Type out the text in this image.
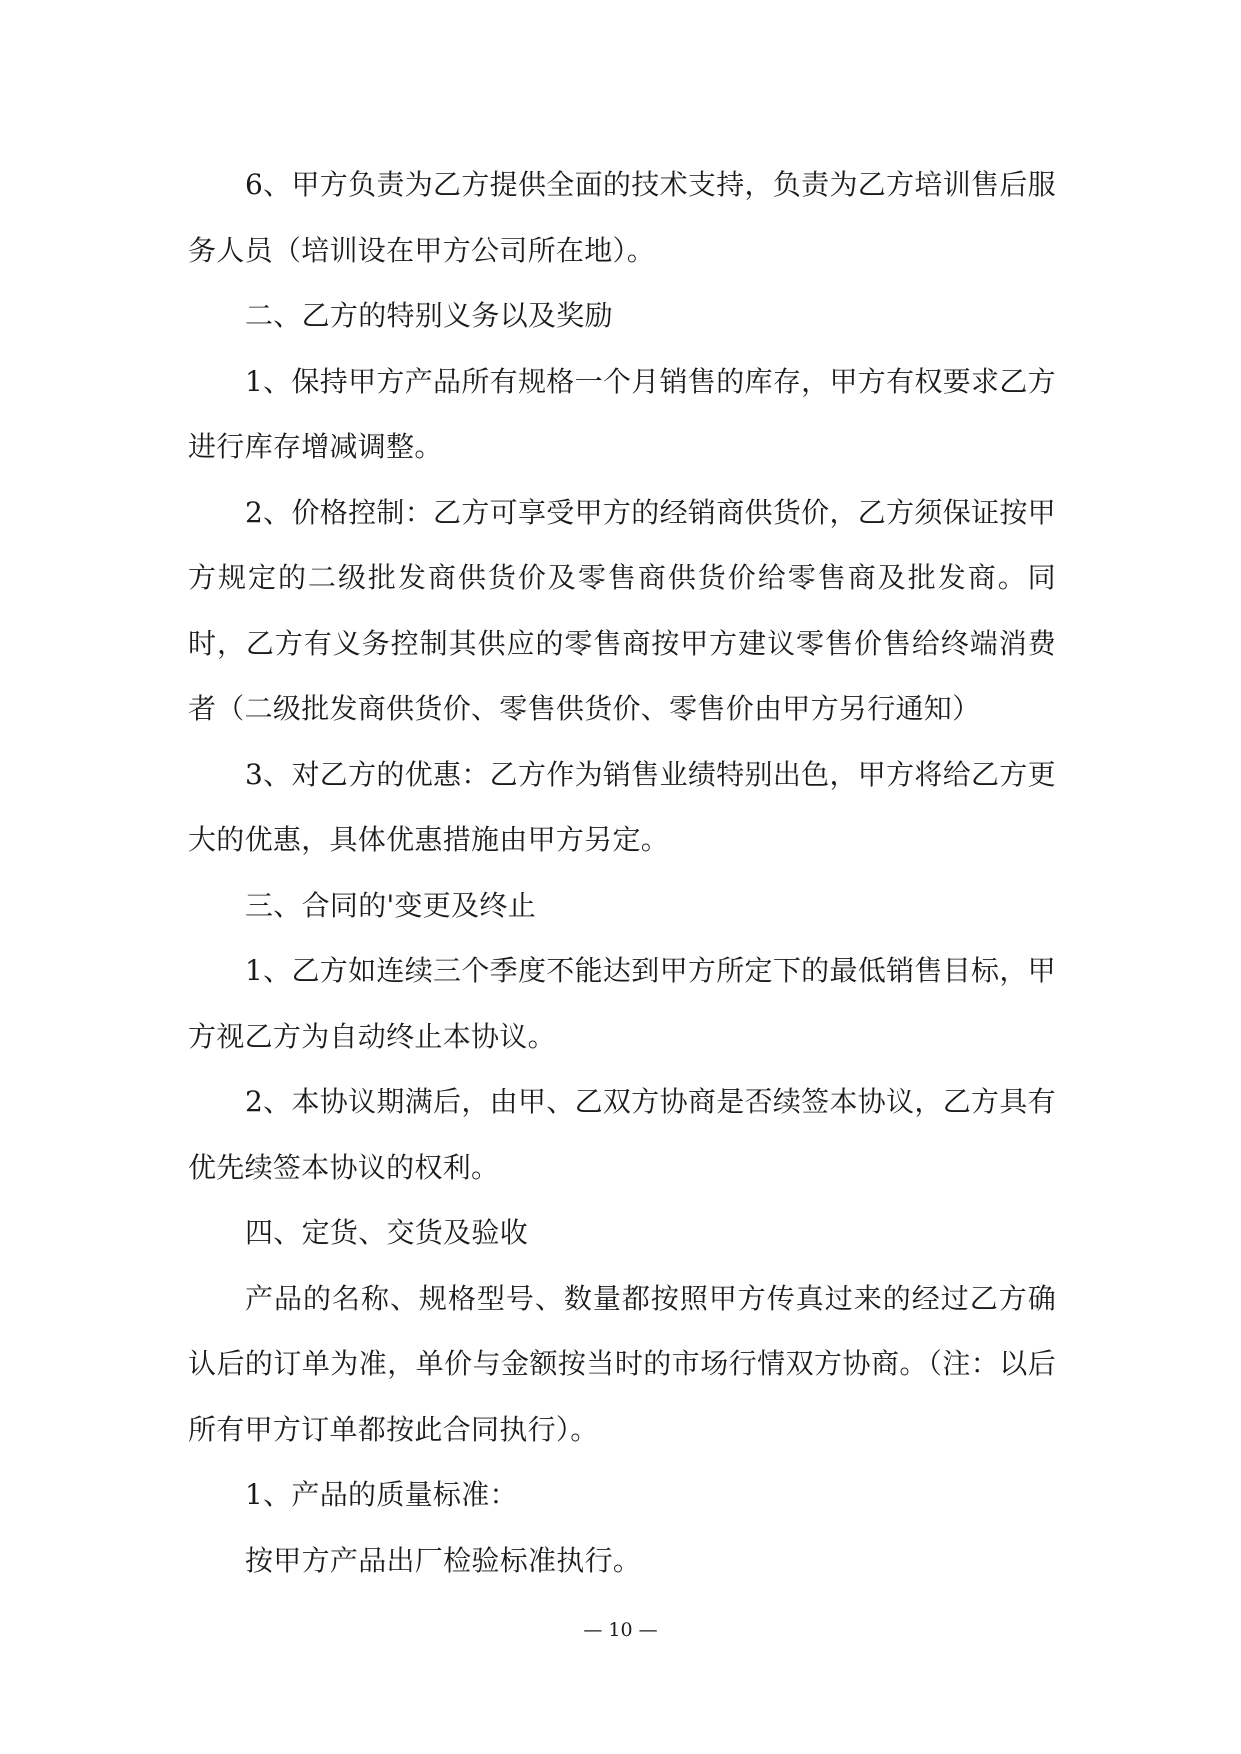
6、甲方负责为乙方提供全面的技术支持，负责为乙方培训售后服务人员（培训设在甲方公司所在地）。

二、乙方的特别义务以及奖励

1、保持甲方产品所有规格一个月销售的库存，甲方有权要求乙方进行库存增减调整。

2、价格控制：乙方可享受甲方的经销商供货价，乙方须保证按甲方规定的二级批发商供货价及零售商供货价给零售商及批发商。同时，乙方有义务控制其供应的零售商按甲方建议零售价售给终端消费者（二级批发商供货价、零售供货价、零售价由甲方另行通知）

3、对乙方的优惠：乙方作为销售业绩特别出色，甲方将给乙方更大的优惠，具体优惠措施由甲方另定。

三、合同的'变更及终止

1、乙方如连续三个季度不能达到甲方所定下的最低销售目标，甲方视乙方为自动终止本协议。

2、本协议期满后，由甲、乙双方协商是否续签本协议，乙方具有优先续签本协议的权利。

四、定货、交货及验收

产品的名称、规格型号、数量都按照甲方传真过来的经过乙方确认后的订单为准，单价与金额按当时的市场行情双方协商。（注：以后所有甲方订单都按此合同执行）。

1、产品的质量标准：

按甲方产品出厂检验标准执行。

— 10 —
